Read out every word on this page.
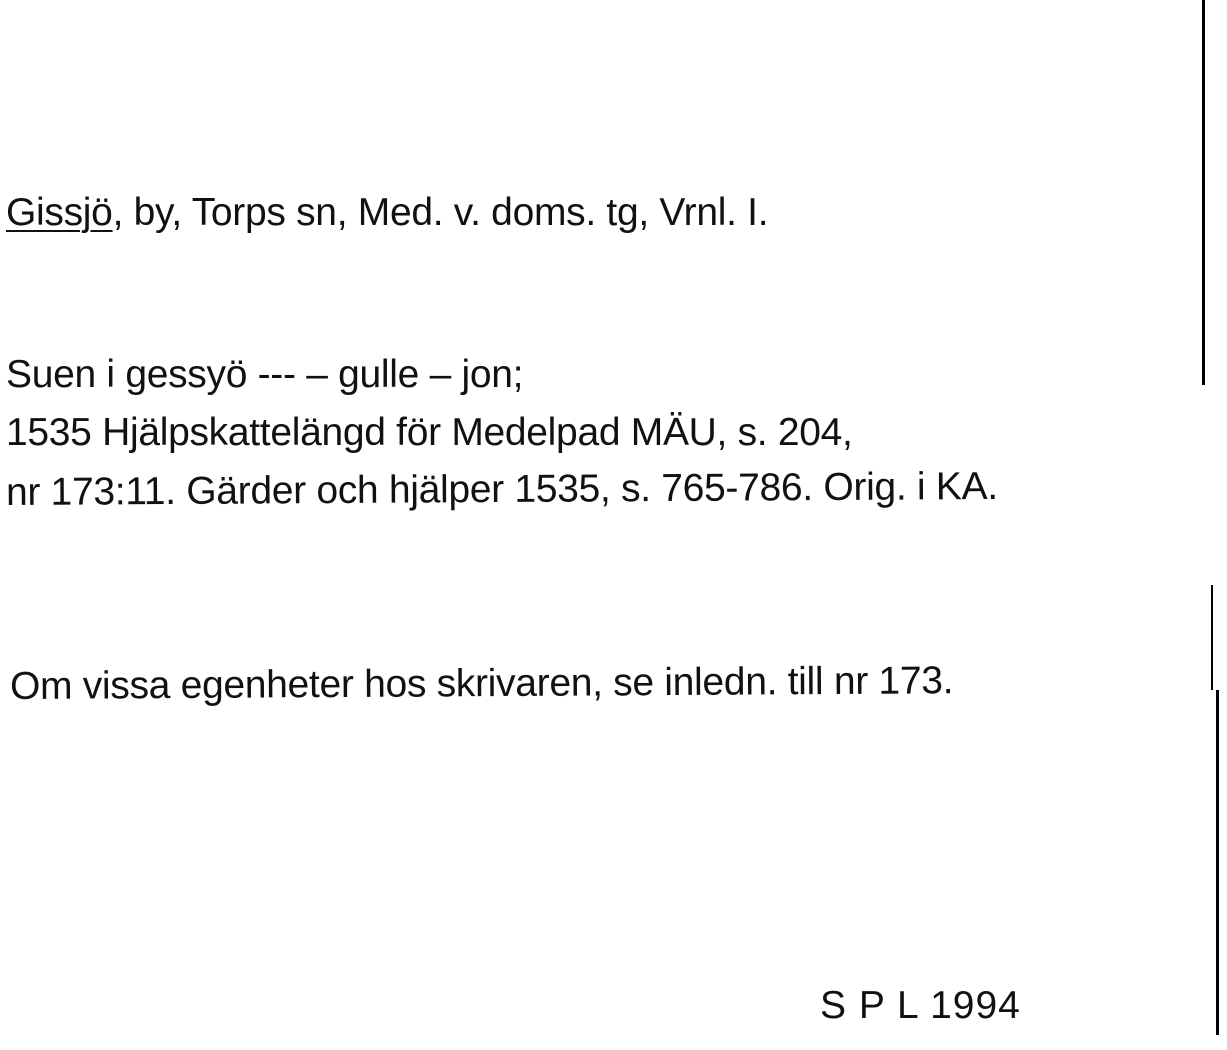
Gissjö, by, Torps sn, Med. v. doms. tg, Vrnl. I.
Suen i gessyö --- – gulle – jon;
1535 Hjälpskattelängd för Medelpad MÄU, s. 204,
nr 173:11. Gärder och hjälper 1535, s. 765-786. Orig. i KA.
Om vissa egenheter hos skrivaren, se inledn. till nr 173.
S P L 1994
